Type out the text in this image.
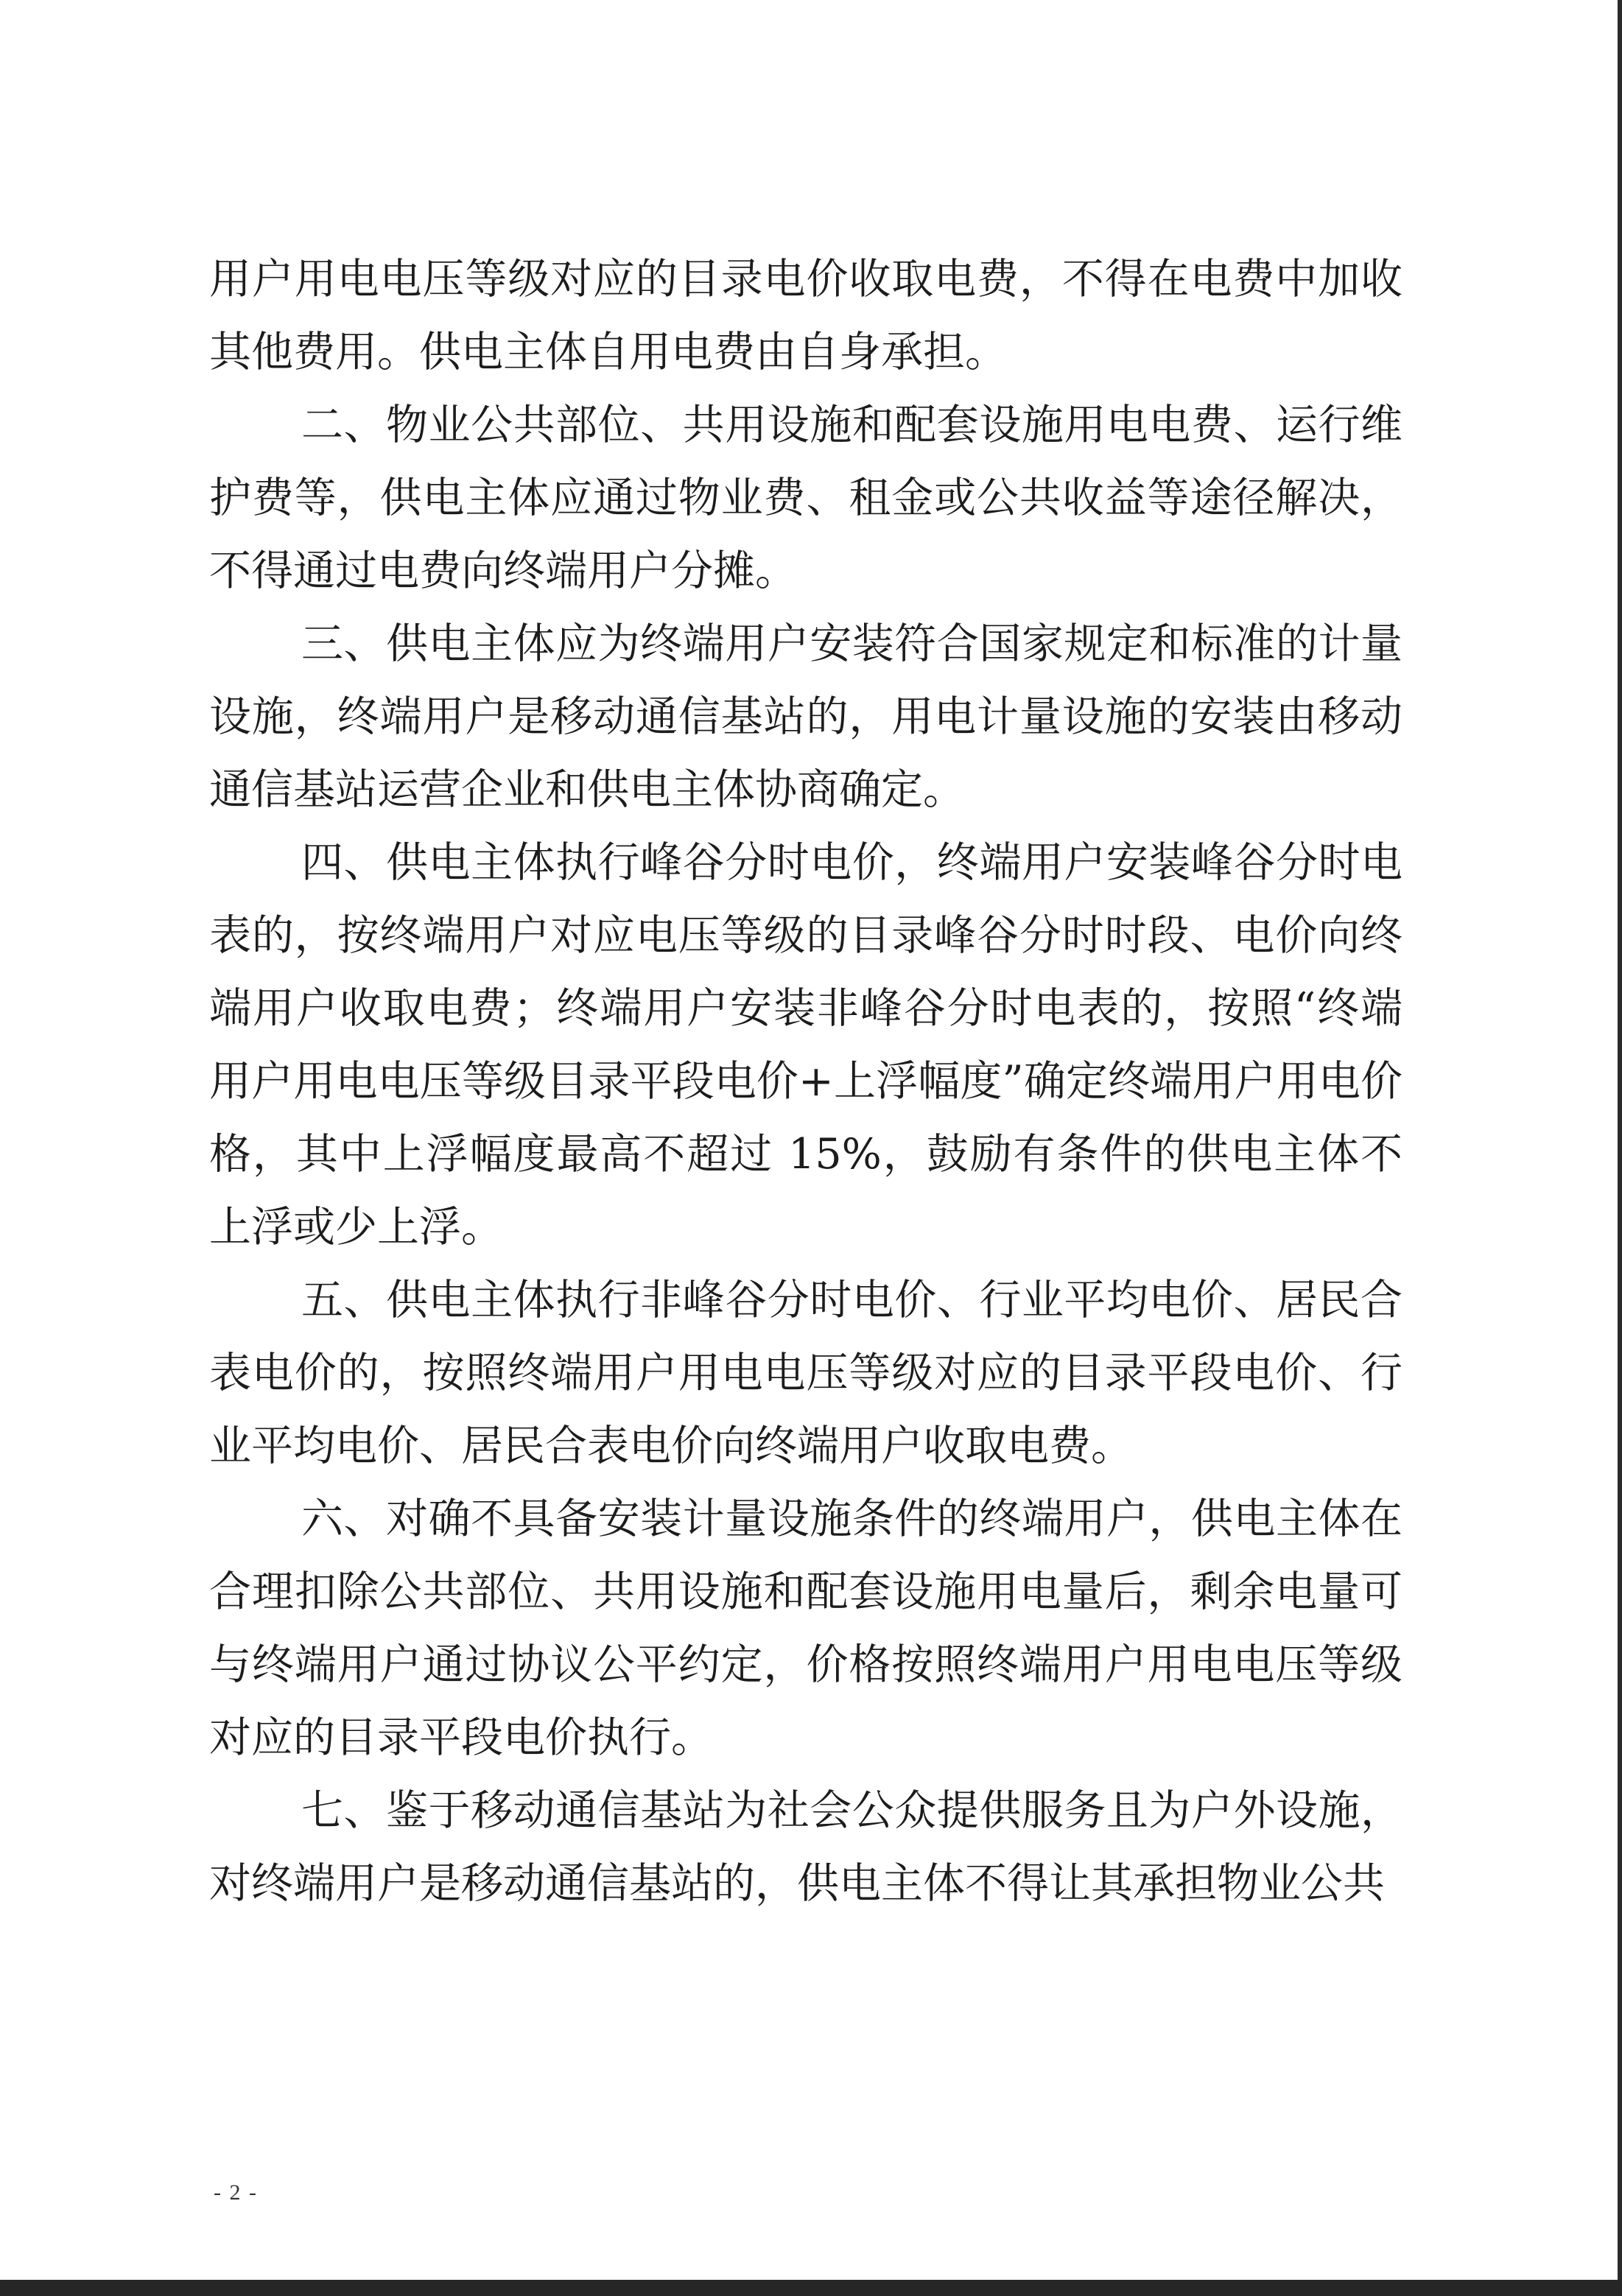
用户用电电压等级对应的目录电价收取电费，不得在电费中加收其他费用。供电主体自用电费由自身承担。

二、物业公共部位、共用设施和配套设施用电电费、运行维护费等，供电主体应通过物业费、租金或公共收益等途径解决，不得通过电费向终端用户分摊。

三、供电主体应为终端用户安装符合国家规定和标准的计量设施，终端用户是移动通信基站的，用电计量设施的安装由移动通信基站运营企业和供电主体协商确定。

四、供电主体执行峰谷分时电价，终端用户安装峰谷分时电表的，按终端用户对应电压等级的目录峰谷分时时段、电价向终端用户收取电费；终端用户安装非峰谷分时电表的，按照“终端用户用电电压等级目录平段电价+上浮幅度”确定终端用户用电价格，其中上浮幅度最高不超过 15%，鼓励有条件的供电主体不上浮或少上浮。

五、供电主体执行非峰谷分时电价、行业平均电价、居民合表电价的，按照终端用户用电电压等级对应的目录平段电价、行业平均电价、居民合表电价向终端用户收取电费。

六、对确不具备安装计量设施条件的终端用户，供电主体在合理扣除公共部位、共用设施和配套设施用电量后，剩余电量可与终端用户通过协议公平约定，价格按照终端用户用电电压等级对应的目录平段电价执行。

七、鉴于移动通信基站为社会公众提供服务且为户外设施，对终端用户是移动通信基站的，供电主体不得让其承担物业公共

- 2 -
